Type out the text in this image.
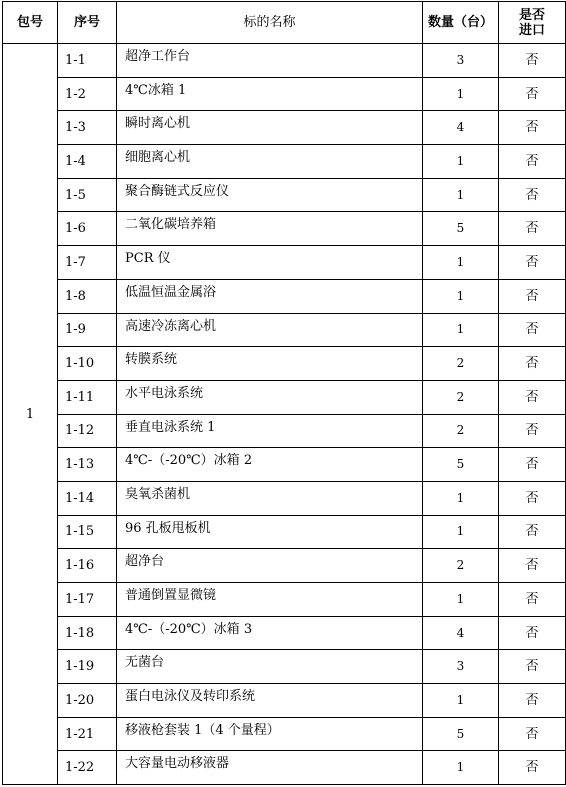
包号	序号	标的名称	数量（台）	是否
进口

1	1-1	超净工作台	3	否
	1-2	4℃冰箱 1	1	否
	1-3	瞬时离心机	4	否
	1-4	细胞离心机	1	否
	1-5	聚合酶链式反应仪	1	否
	1-6	二氧化碳培养箱	5	否
	1-7	PCR 仪	1	否
	1-8	低温恒温金属浴	1	否
	1-9	高速冷冻离心机	1	否
	1-10	转膜系统	2	否
	1-11	水平电泳系统	2	否
	1-12	垂直电泳系统 1	2	否
	1-13	4℃-（-20℃）冰箱 2	5	否
	1-14	臭氧杀菌机	1	否
	1-15	96 孔板甩板机	1	否
	1-16	超净台	2	否
	1-17	普通倒置显微镜	1	否
	1-18	4℃-（-20℃）冰箱 3	4	否
	1-19	无菌台	3	否
	1-20	蛋白电泳仪及转印系统	1	否
	1-21	移液枪套装 1（4 个量程）	5	否
	1-22	大容量电动移液器	1	否
